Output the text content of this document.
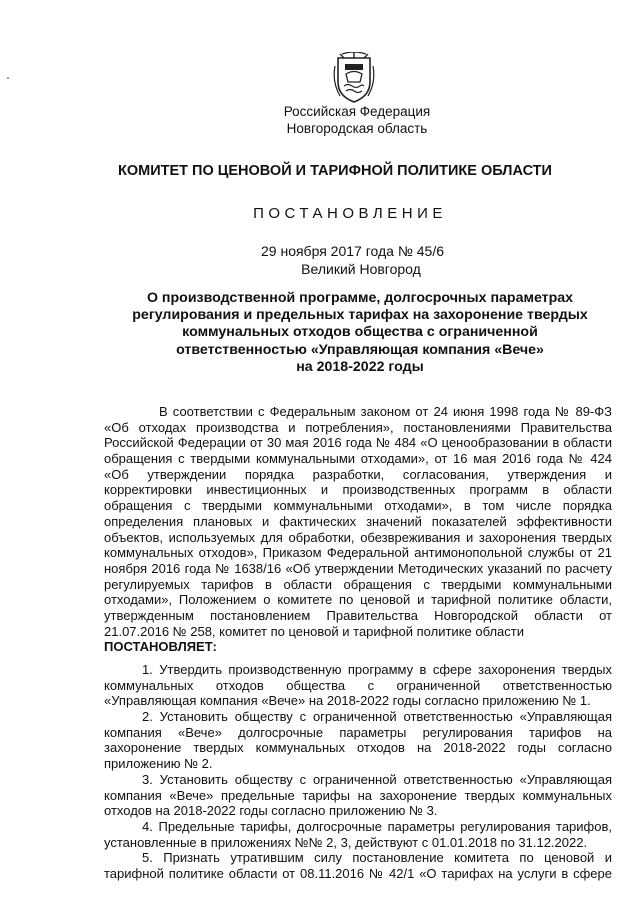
Российская Федерация
Новгородская область
КОМИТЕТ ПО ЦЕНОВОЙ И ТАРИФНОЙ ПОЛИТИКЕ ОБЛАСТИ
ПОСТАНОВЛЕНИЕ
29 ноября 2017 года № 45/6
Великий Новгород
О производственной программе, долгосрочных параметрах
регулирования и предельных тарифах на захоронение твердых
коммунальных отходов общества с ограниченной
ответственностью «Управляющая компания «Вече»
на 2018-2022 годы
В соответствии с Федеральным законом от 24 июня 1998 года № 89-ФЗ
«Об отходах производства и потребления», постановлениями Правительства
Российской Федерации от 30 мая 2016 года № 484 «О ценообразовании в области
обращения с твердыми коммунальными отходами», от 16 мая 2016 года № 424
«Об утверждении порядка разработки, согласования, утверждения и
корректировки инвестиционных и производственных программ в области
обращения с твердыми коммунальными отходами», в том числе порядка
определения плановых и фактических значений показателей эффективности
объектов, используемых для обработки, обезвреживания и захоронения твердых
коммунальных отходов», Приказом Федеральной антимонопольной службы от 21
ноября 2016 года № 1638/16 «Об утверждении Методических указаний по расчету
регулируемых тарифов в области обращения с твердыми коммунальными
отходами», Положением о комитете по ценовой и тарифной политике области,
утвержденным постановлением Правительства Новгородской области от
21.07.2016 № 258, комитет по ценовой и тарифной политике области
ПОСТАНОВЛЯЕТ:
1. Утвердить производственную программу в сфере захоронения твердых
коммунальных отходов общества с ограниченной ответственностью
«Управляющая компания «Вече» на 2018-2022 годы согласно приложению № 1.
2. Установить обществу с ограниченной ответственностью «Управляющая
компания «Вече» долгосрочные параметры регулирования тарифов на
захоронение твердых коммунальных отходов на 2018-2022 годы согласно
приложению № 2.
3. Установить обществу с ограниченной ответственностью «Управляющая
компания «Вече» предельные тарифы на захоронение твердых коммунальных
отходов на 2018-2022 годы согласно приложению № 3.
4. Предельные тарифы, долгосрочные параметры регулирования тарифов,
установленные в приложениях №№ 2, 3, действуют с 01.01.2018 по 31.12.2022.
5. Признать утратившим силу постановление комитета по ценовой и
тарифной политике области от 08.11.2016 № 42/1 «О тарифах на услуги в сфере
